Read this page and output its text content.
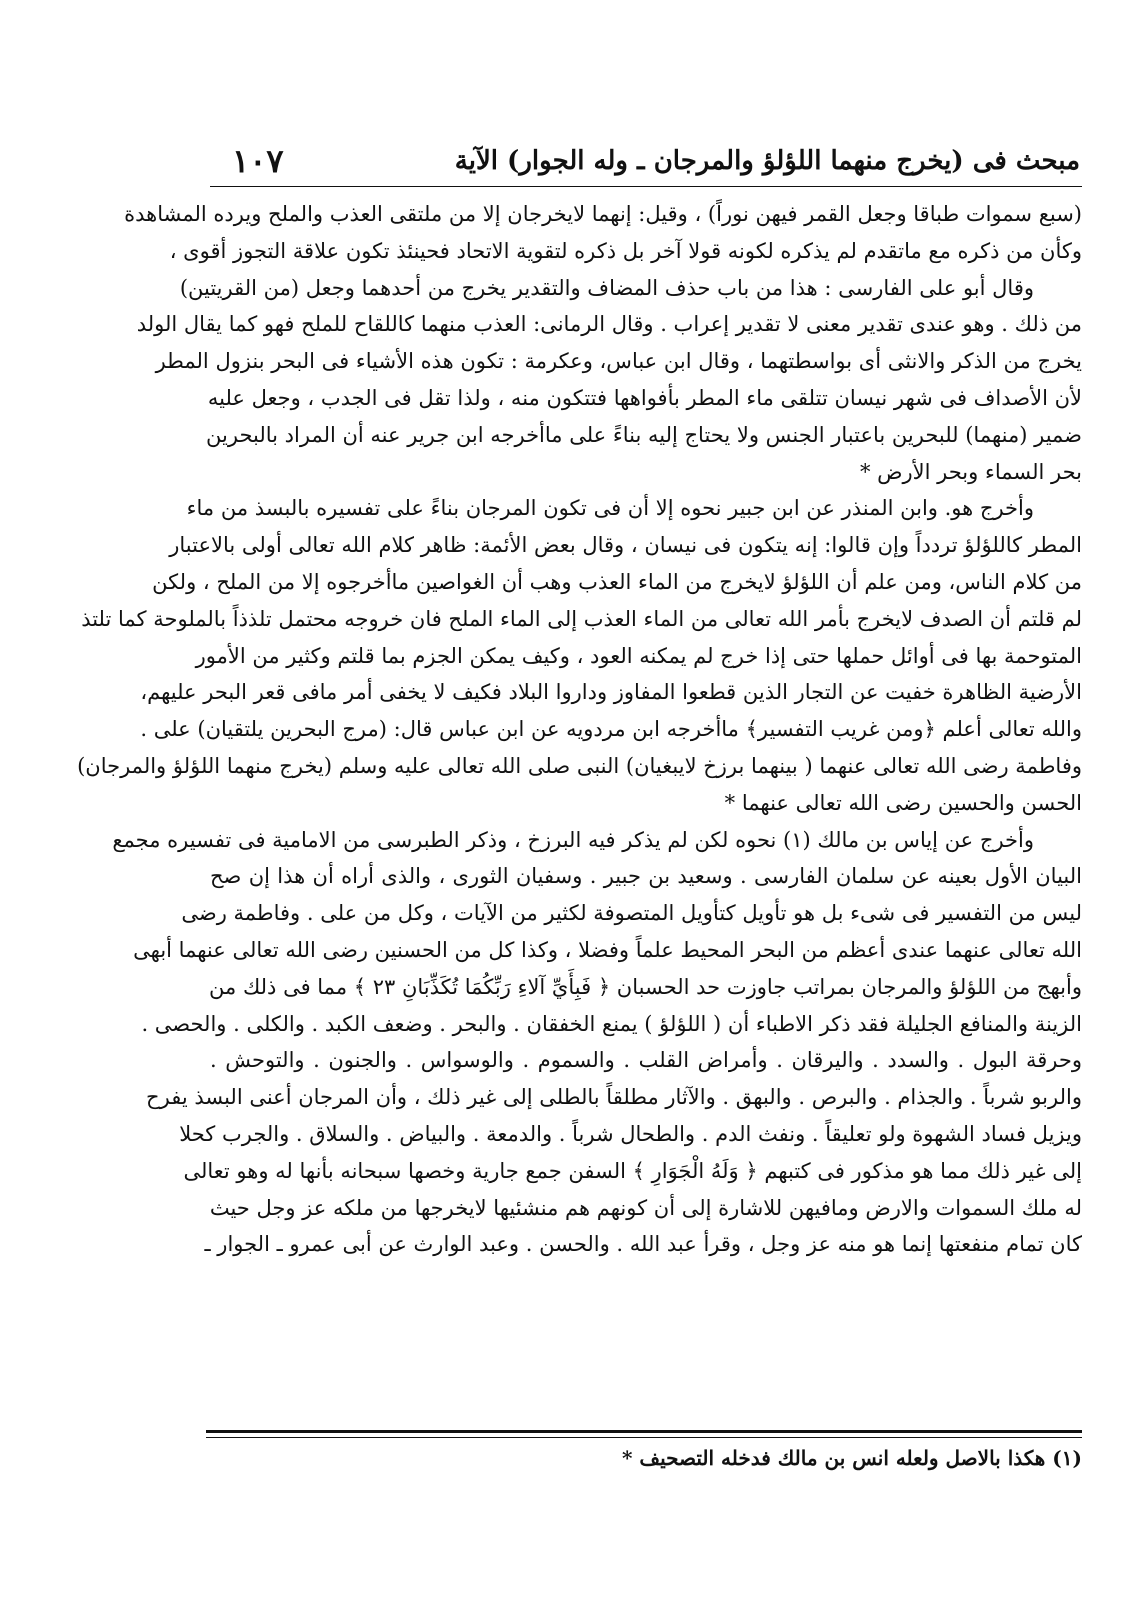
مبحث فى (يخرج منهما اللؤلؤ والمرجان ـ وله الجوار) الآية
١٠٧
(سبع سموات طباقا وجعل القمر فيهن نوراً) ، وقيل: إنهما لايخرجان إلا من ملتقى العذب والملح ويرده المشاهدة
وكأن من ذكره مع ماتقدم لم يذكره لكونه قولا آخر بل ذكره لتقوية الاتحاد فحينئذ تكون علاقة التجوز أقوى ،
وقال أبو على الفارسى : هذا من باب حذف المضاف والتقدير يخرج من أحدهما وجعل (من القريتين)
من ذلك . وهو عندى تقدير معنى لا تقدير إعراب . وقال الرمانى: العذب منهما كاللقاح للملح فهو كما يقال الولد
يخرج من الذكر والانثى أى بواسطتهما ، وقال ابن عباس، وعكرمة : تكون هذه الأشياء فى البحر بنزول المطر
لأن الأصداف فى شهر نيسان تتلقى ماء المطر بأفواهها فتتكون منه ، ولذا تقل فى الجدب ، وجعل عليه
ضمير (منهما) للبحرين باعتبار الجنس ولا يحتاج إليه بناءً على ماأخرجه ابن جرير عنه أن المراد بالبحرين
بحر السماء وبحر الأرض *
وأخرج هو. وابن المنذر عن ابن جبير نحوه إلا أن فى تكون المرجان بناءً على تفسيره بالبسذ من ماء
المطر كاللؤلؤ تردداً وإن قالوا: إنه يتكون فى نيسان ، وقال بعض الأئمة: ظاهر كلام الله تعالى أولى بالاعتبار
من كلام الناس، ومن علم أن اللؤلؤ لايخرج من الماء العذب وهب أن الغواصين ماأخرجوه إلا من الملح ، ولكن
لم قلتم أن الصدف لايخرج بأمر الله تعالى من الماء العذب إلى الماء الملح فان خروجه محتمل تلذذاً بالملوحة كما تلتذ
المتوحمة بها فى أوائل حملها حتى إذا خرج لم يمكنه العود ، وكيف يمكن الجزم بما قلتم وكثير من الأمور
الأرضية الظاهرة خفيت عن التجار الذين قطعوا المفاوز وداروا البلاد فكيف لا يخفى أمر مافى قعر البحر عليهم،
والله تعالى أعلم ﴿ومن غريب التفسير﴾ ماأخرجه ابن مردويه عن ابن عباس قال: (مرج البحرين يلتقيان) على .
وفاطمة رضى الله تعالى عنهما ( بينهما برزخ لايبغيان) النبى صلى الله تعالى عليه وسلم (يخرج منهما اللؤلؤ والمرجان)
الحسن والحسين رضى الله تعالى عنهما *
وأخرج عن إياس بن مالك (١) نحوه لكن لم يذكر فيه البرزخ ، وذكر الطبرسى من الامامية فى تفسيره مجمع
البيان الأول بعينه عن سلمان الفارسى . وسعيد بن جبير . وسفيان الثورى ، والذى أراه أن هذا إن صح
ليس من التفسير فى شىء بل هو تأويل كتأويل المتصوفة لكثير من الآيات ، وكل من على . وفاطمة رضى
الله تعالى عنهما عندى أعظم من البحر المحيط علماً وفضلا ، وكذا كل من الحسنين رضى الله تعالى عنهما أبهى
وأبهج من اللؤلؤ والمرجان بمراتب جاوزت حد الحسبان ﴿ فَبِأَيِّ آلاءِ رَبِّكُمَا تُكَذِّبَانِ ٢٣ ﴾ مما فى ذلك من
الزينة والمنافع الجليلة فقد ذكر الاطباء أن ( اللؤلؤ ) يمنع الخفقان . والبحر . وضعف الكبد . والكلى . والحصى .
وحرقة البول . والسدد . واليرقان . وأمراض القلب . والسموم . والوسواس . والجنون . والتوحش .
والربو شرباً . والجذام . والبرص . والبهق . والآثار مطلقاً بالطلى إلى غير ذلك ، وأن المرجان أعنى البسذ يفرح
ويزيل فساد الشهوة ولو تعليقاً . ونفث الدم . والطحال شرباً . والدمعة . والبياض . والسلاق . والجرب كحلا
إلى غير ذلك مما هو مذكور فى كتبهم ﴿ وَلَهُ الْجَوَارِ ﴾ السفن جمع جارية وخصها سبحانه بأنها له وهو تعالى
له ملك السموات والارض ومافيهن للاشارة إلى أن كونهم هم منشئيها لايخرجها من ملكه عز وجل حيث
كان تمام منفعتها إنما هو منه عز وجل ، وقرأ عبد الله . والحسن . وعبد الوارث عن أبى عمرو ـ الجوار ـ
(١) هكذا بالاصل ولعله انس بن مالك فدخله التصحيف *
